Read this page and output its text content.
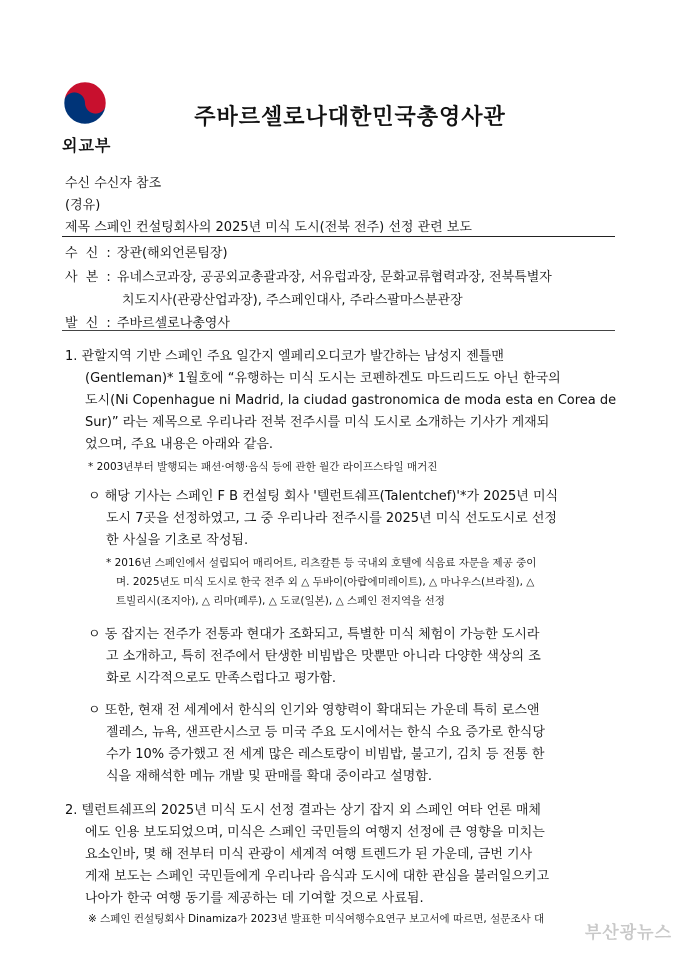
외교부
주바르셀로나대한민국총영사관
수신 수신자 참조
(경유)
제목 스페인 컨설팅회사의 2025년 미식 도시(전북 전주) 선정 관련 보도
수 신 : 장관(해외언론팀장)
사 본 : 유네스코과장, 공공외교총괄과장, 서유럽과장, 문화교류협력과장, 전북특별자
치도지사(관광산업과장), 주스페인대사, 주라스팔마스분관장
발 신 : 주바르셀로나총영사
1. 관할지역 기반 스페인 주요 일간지 엘페리오디코가 발간하는 남성지 젠틀맨
(Gentleman)* 1월호에 “유행하는 미식 도시는 코펜하겐도 마드리드도 아닌 한국의
도시(Ni Copenhague ni Madrid, la ciudad gastronomica de moda esta en Corea de
Sur)” 라는 제목으로 우리나라 전북 전주시를 미식 도시로 소개하는 기사가 게재되
었으며, 주요 내용은 아래와 같음.
* 2003년부터 발행되는 패션·여행·음식 등에 관한 월간 라이프스타일 매거진
ㅇ 해당 기사는 스페인 F B 컨설팅 회사 '텔런트쉐프(Talentchef)'*가 2025년 미식
도시 7곳을 선정하였고, 그 중 우리나라 전주시를 2025년 미식 선도도시로 선정
한 사실을 기초로 작성됨.
* 2016년 스페인에서 설립되어 매리어트, 리츠칼튼 등 국내외 호텔에 식음료 자문을 제공 중이
며. 2025년도 미식 도시로 한국 전주 외 △ 두바이(아랍에미레이트), △ 마나우스(브라질), △
트빌리시(조지아), △ 리마(페루), △ 도쿄(일본), △ 스페인 전지역을 선정
ㅇ 동 잡지는 전주가 전통과 현대가 조화되고, 특별한 미식 체험이 가능한 도시라
고 소개하고, 특히 전주에서 탄생한 비빔밥은 맛뿐만 아니라 다양한 색상의 조
화로 시각적으로도 만족스럽다고 평가함.
ㅇ 또한, 현재 전 세계에서 한식의 인기와 영향력이 확대되는 가운데 특히 로스앤
젤레스, 뉴욕, 샌프란시스코 등 미국 주요 도시에서는 한식 수요 증가로 한식당
수가 10% 증가했고 전 세계 많은 레스토랑이 비빔밥, 불고기, 김치 등 전통 한
식을 재해석한 메뉴 개발 및 판매를 확대 중이라고 설명함.
2. 텔런트쉐프의 2025년 미식 도시 선정 결과는 상기 잡지 외 스페인 여타 언론 매체
에도 인용 보도되었으며, 미식은 스페인 국민들의 여행지 선정에 큰 영향을 미치는
요소인바, 몇 해 전부터 미식 관광이 세계적 여행 트렌드가 된 가운데, 금번 기사
게재 보도는 스페인 국민들에게 우리나라 음식과 도시에 대한 관심을 불러일으키고
나아가 한국 여행 동기를 제공하는 데 기여할 것으로 사료됨.
※ 스페인 컨설팅회사 Dinamiza가 2023년 발표한 미식여행수요연구 보고서에 따르면, 설문조사 대
부산광뉴스
